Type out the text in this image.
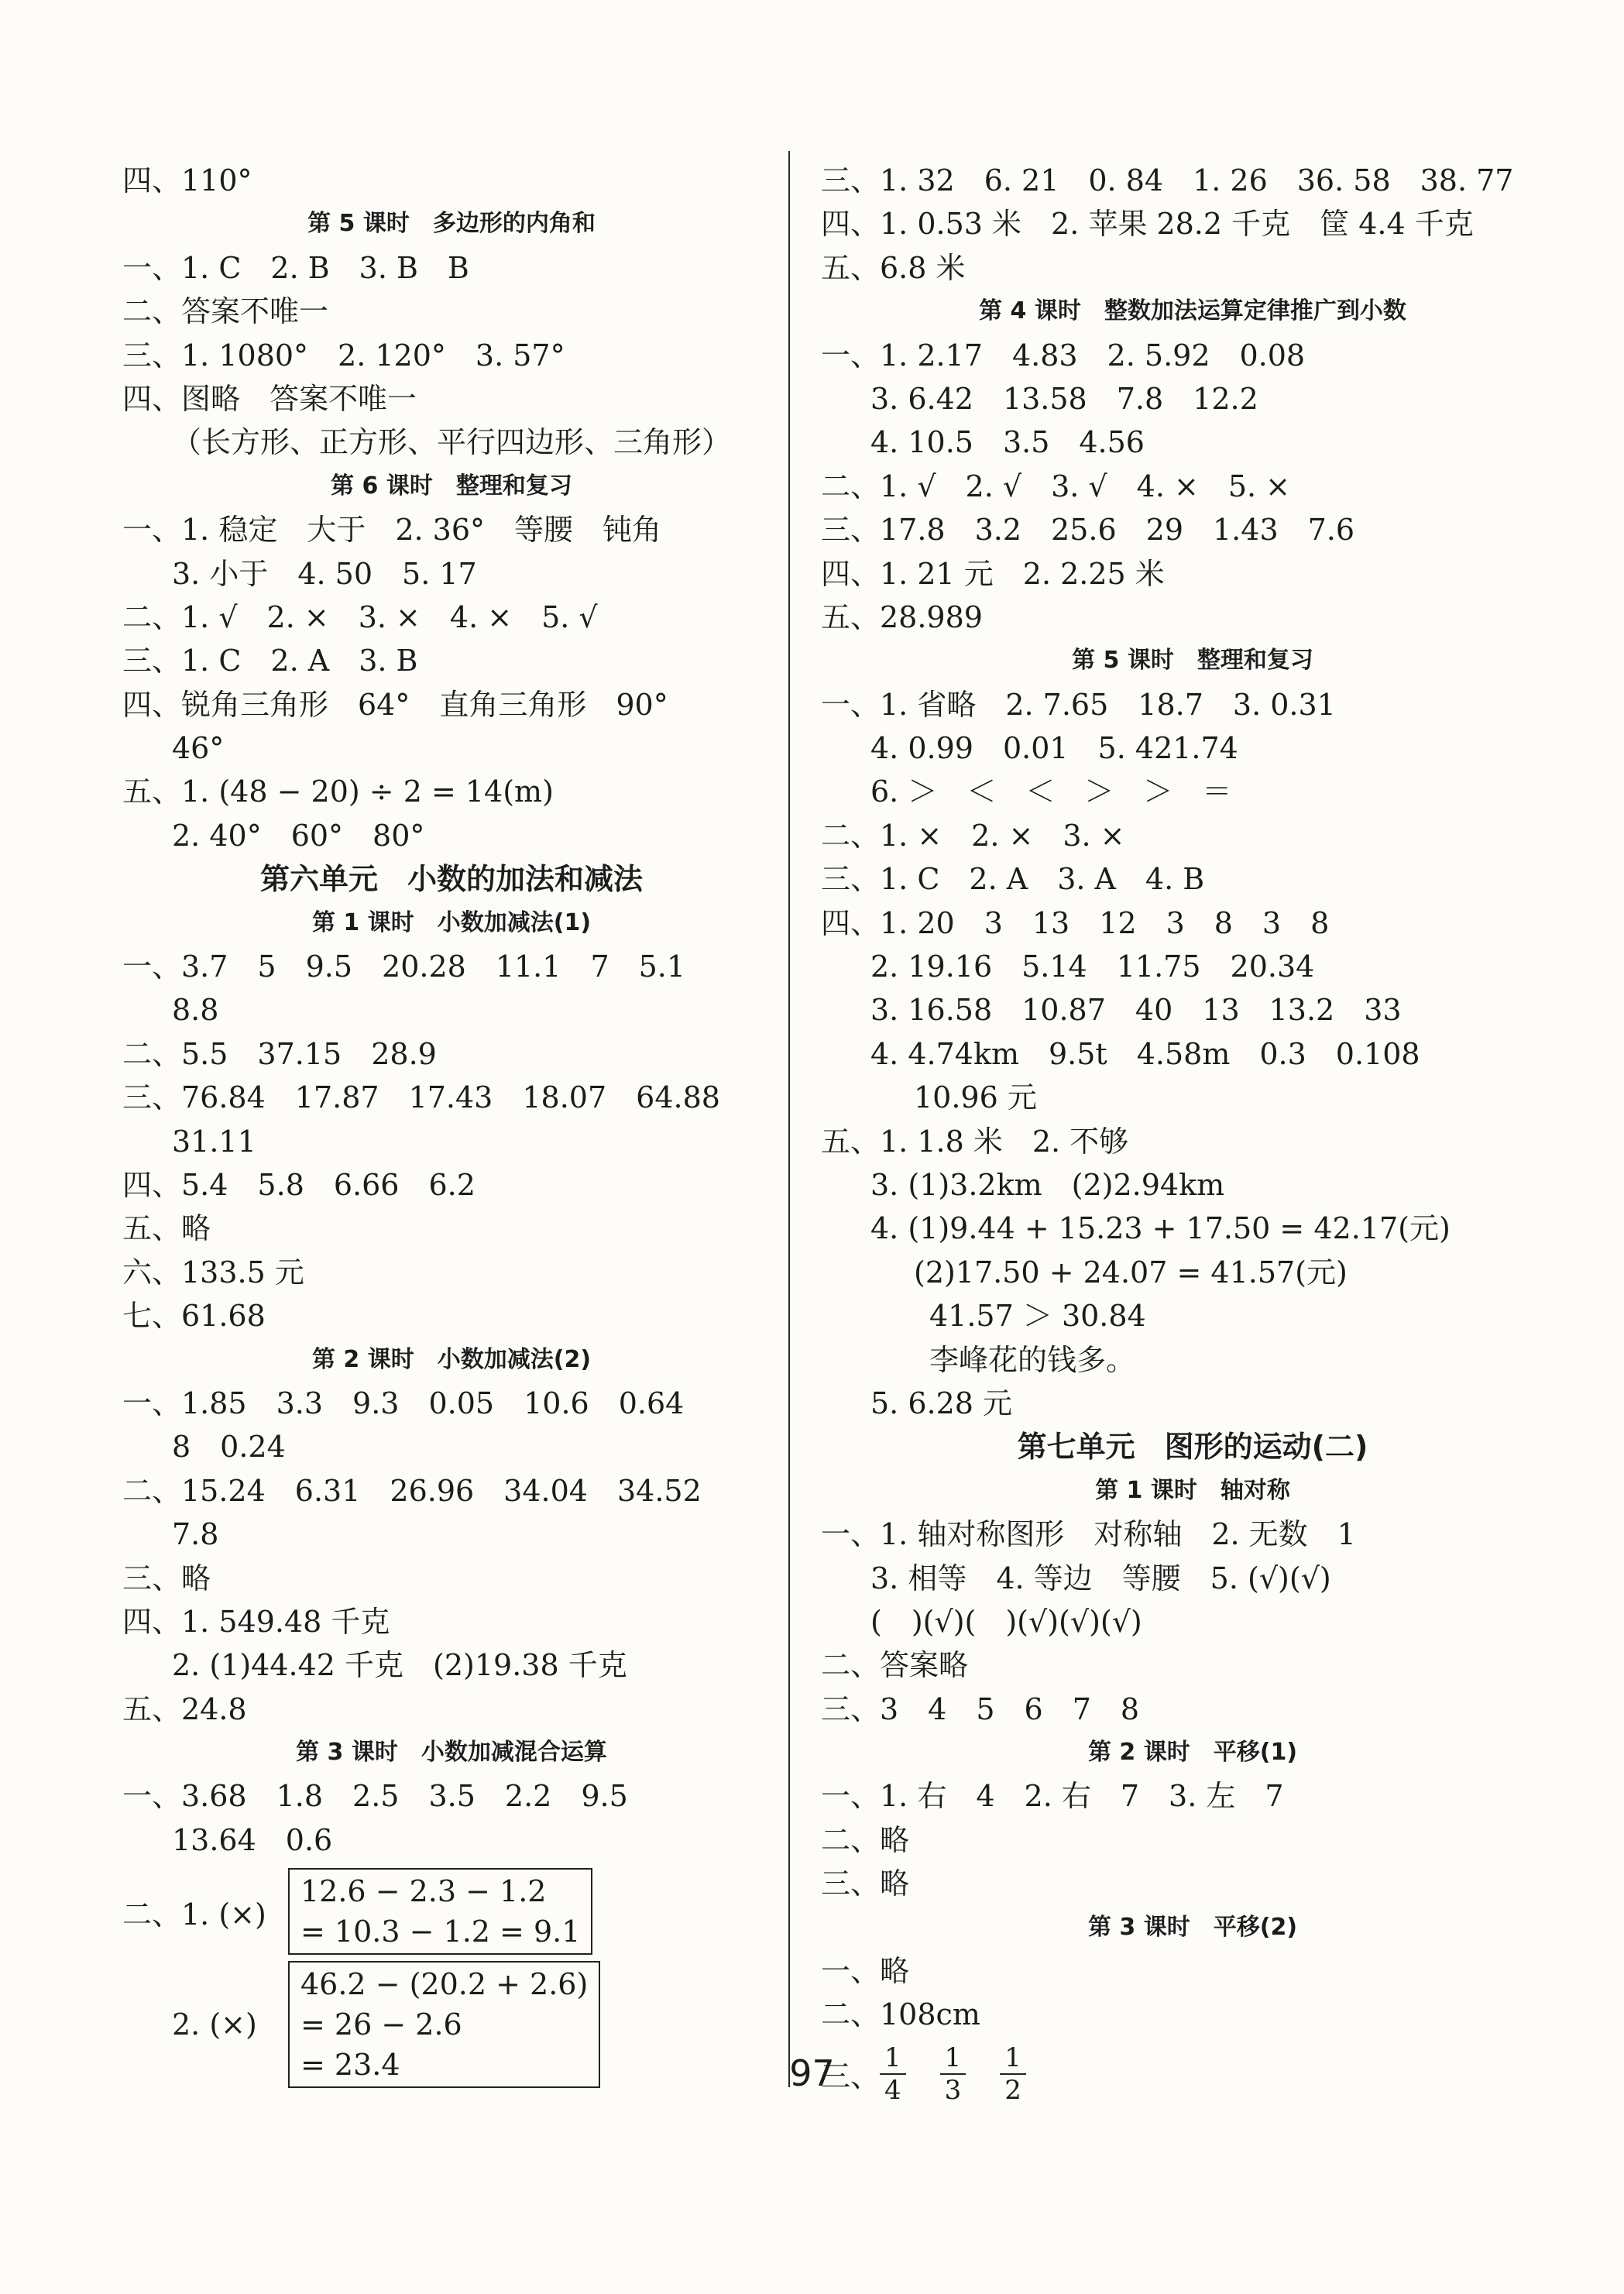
四、110°
第 5 课时　多边形的内角和
一、1. C　2. B　3. B　B
二、答案不唯一
三、1. 1080°　2. 120°　3. 57°
四、图略　答案不唯一
（长方形、正方形、平行四边形、三角形）
第 6 课时　整理和复习
一、1. 稳定　大于　2. 36°　等腰　钝角
3. 小于　4. 50　5. 17
二、1. √　2. ×　3. ×　4. ×　5. √
三、1. C　2. A　3. B
四、锐角三角形　64°　直角三角形　90°
46°
五、1. (48 − 20) ÷ 2 = 14(m)
2. 40°　60°　80°
第六单元　小数的加法和减法
第 1 课时　小数加减法(1)
一、3.7　5　9.5　20.28　11.1　7　5.1
8.8
二、5.5　37.15　28.9
三、76.84　17.87　17.43　18.07　64.88
31.11
四、5.4　5.8　6.66　6.2
五、略
六、133.5 元
七、61.68
第 2 课时　小数加减法(2)
一、1.85　3.3　9.3　0.05　10.6　0.64
8　0.24
二、15.24　6.31　26.96　34.04　34.52
7.8
三、略
四、1. 549.48 千克
2. (1)44.42 千克　(2)19.38 千克
五、24.8
第 3 课时　小数加减混合运算
一、3.68　1.8　2.5　3.5　2.2　9.5
13.64　0.6
二、1. (×)
12.6 − 2.3 − 1.2
= 10.3 − 1.2 = 9.1
2. (×)
46.2 − (20.2 + 2.6)
= 26 − 2.6
= 23.4
三、1. 32　6. 21　0. 84　1. 26　36. 58　38. 77
四、1. 0.53 米　2. 苹果 28.2 千克　筐 4.4 千克
五、6.8 米
第 4 课时　整数加法运算定律推广到小数
一、1. 2.17　4.83　2. 5.92　0.08
3. 6.42　13.58　7.8　12.2
4. 10.5　3.5　4.56
二、1. √　2. √　3. √　4. ×　5. ×
三、17.8　3.2　25.6　29　1.43　7.6
四、1. 21 元　2. 2.25 米
五、28.989
第 5 课时　整理和复习
一、1. 省略　2. 7.65　18.7　3. 0.31
4. 0.99　0.01　5. 421.74
6. ＞　＜　＜　＞　＞　＝
二、1. ×　2. ×　3. ×
三、1. C　2. A　3. A　4. B
四、1. 20　3　13　12　3　8　3　8
2. 19.16　5.14　11.75　20.34
3. 16.58　10.87　40　13　13.2　33
4. 4.74km　9.5t　4.58m　0.3　0.108
10.96 元
五、1. 1.8 米　2. 不够
3. (1)3.2km　(2)2.94km
4. (1)9.44 + 15.23 + 17.50 = 42.17(元)
(2)17.50 + 24.07 = 41.57(元)
41.57 ＞ 30.84
李峰花的钱多。
5. 6.28 元
第七单元　图形的运动(二)
第 1 课时　轴对称
一、1. 轴对称图形　对称轴　2. 无数　1
3. 相等　4. 等边　等腰　5. (√)(√)
(　)(√)(　)(√)(√)(√)
二、答案略
三、3　4　5　6　7　8
第 2 课时　平移(1)
一、1. 右　4　2. 右　7　3. 左　7
二、略
三、略
第 3 课时　平移(2)
一、略
二、108cm
三、 $\frac{1}{4} \frac{1}{3} \frac{1}{2}$
97
